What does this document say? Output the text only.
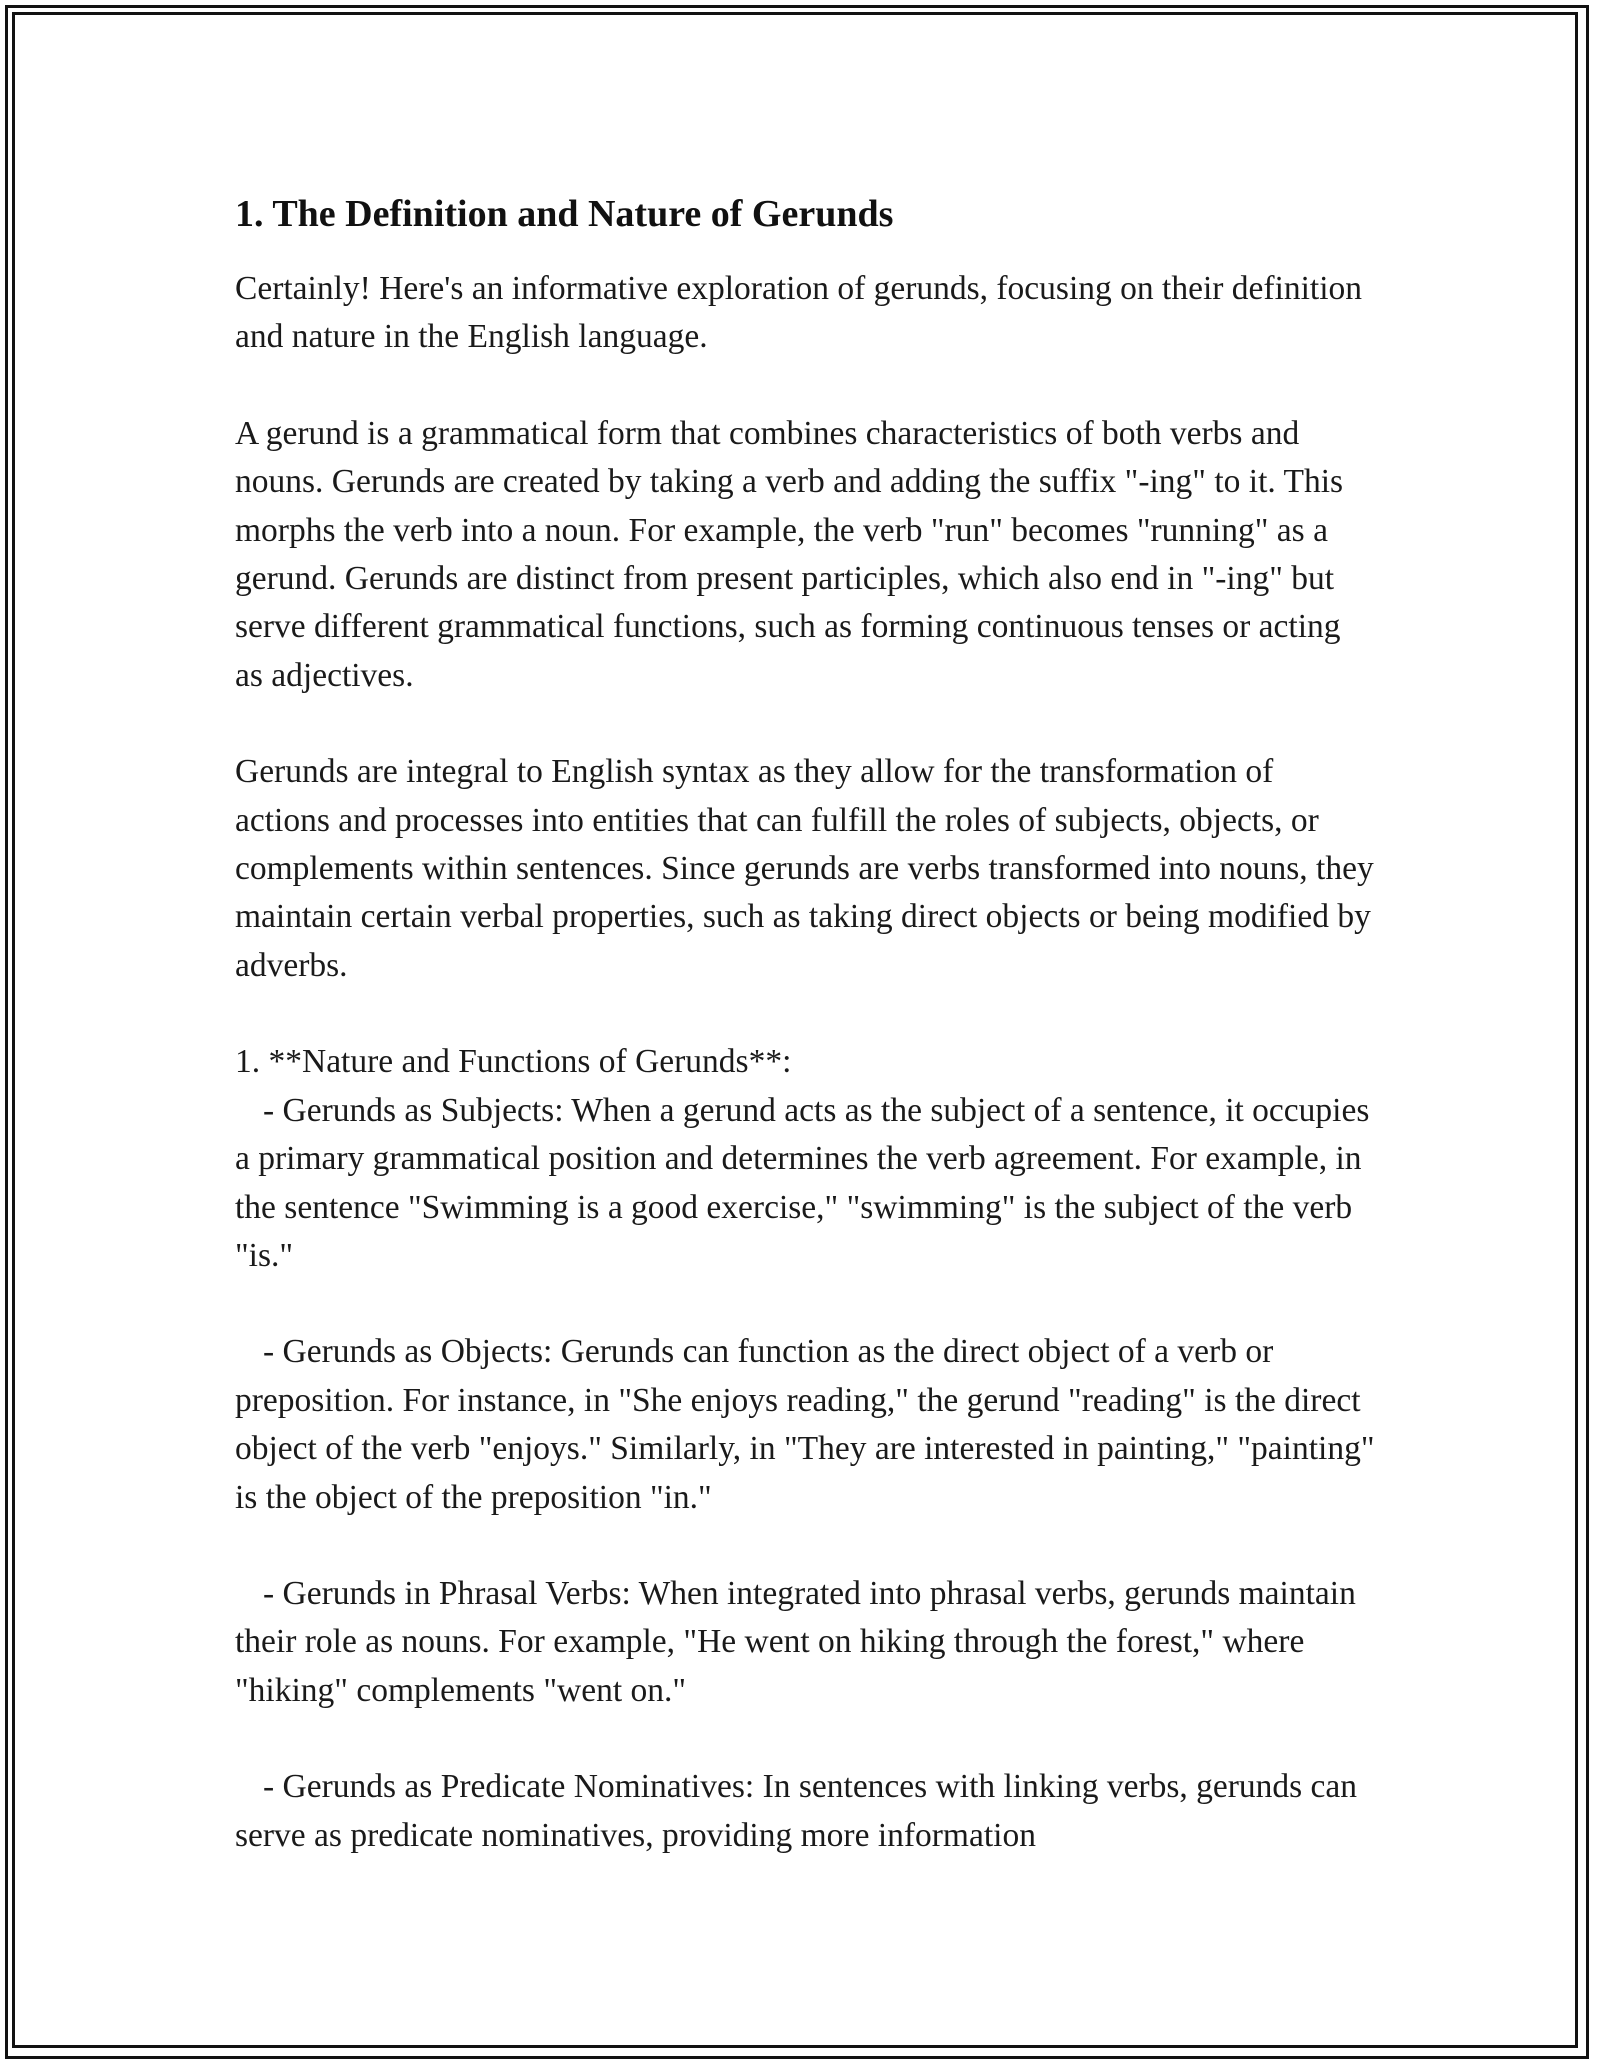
1. The Definition and Nature of Gerunds

Certainly! Here's an informative exploration of gerunds, focusing on their definition and nature in the English language.

A gerund is a grammatical form that combines characteristics of both verbs and nouns. Gerunds are created by taking a verb and adding the suffix "-ing" to it. This morphs the verb into a noun. For example, the verb "run" becomes "running" as a gerund. Gerunds are distinct from present participles, which also end in "-ing" but serve different grammatical functions, such as forming continuous tenses or acting as adjectives.

Gerunds are integral to English syntax as they allow for the transformation of actions and processes into entities that can fulfill the roles of subjects, objects, or complements within sentences. Since gerunds are verbs transformed into nouns, they maintain certain verbal properties, such as taking direct objects or being modified by adverbs.

1. **Nature and Functions of Gerunds**:

- Gerunds as Subjects: When a gerund acts as the subject of a sentence, it occupies a primary grammatical position and determines the verb agreement. For example, in the sentence "Swimming is a good exercise," "swimming" is the subject of the verb "is."

- Gerunds as Objects: Gerunds can function as the direct object of a verb or preposition. For instance, in "She enjoys reading," the gerund "reading" is the direct object of the verb "enjoys." Similarly, in "They are interested in painting," "painting" is the object of the preposition "in."

- Gerunds in Phrasal Verbs: When integrated into phrasal verbs, gerunds maintain their role as nouns. For example, "He went on hiking through the forest," where "hiking" complements "went on."

- Gerunds as Predicate Nominatives: In sentences with linking verbs, gerunds can serve as predicate nominatives, providing more information
